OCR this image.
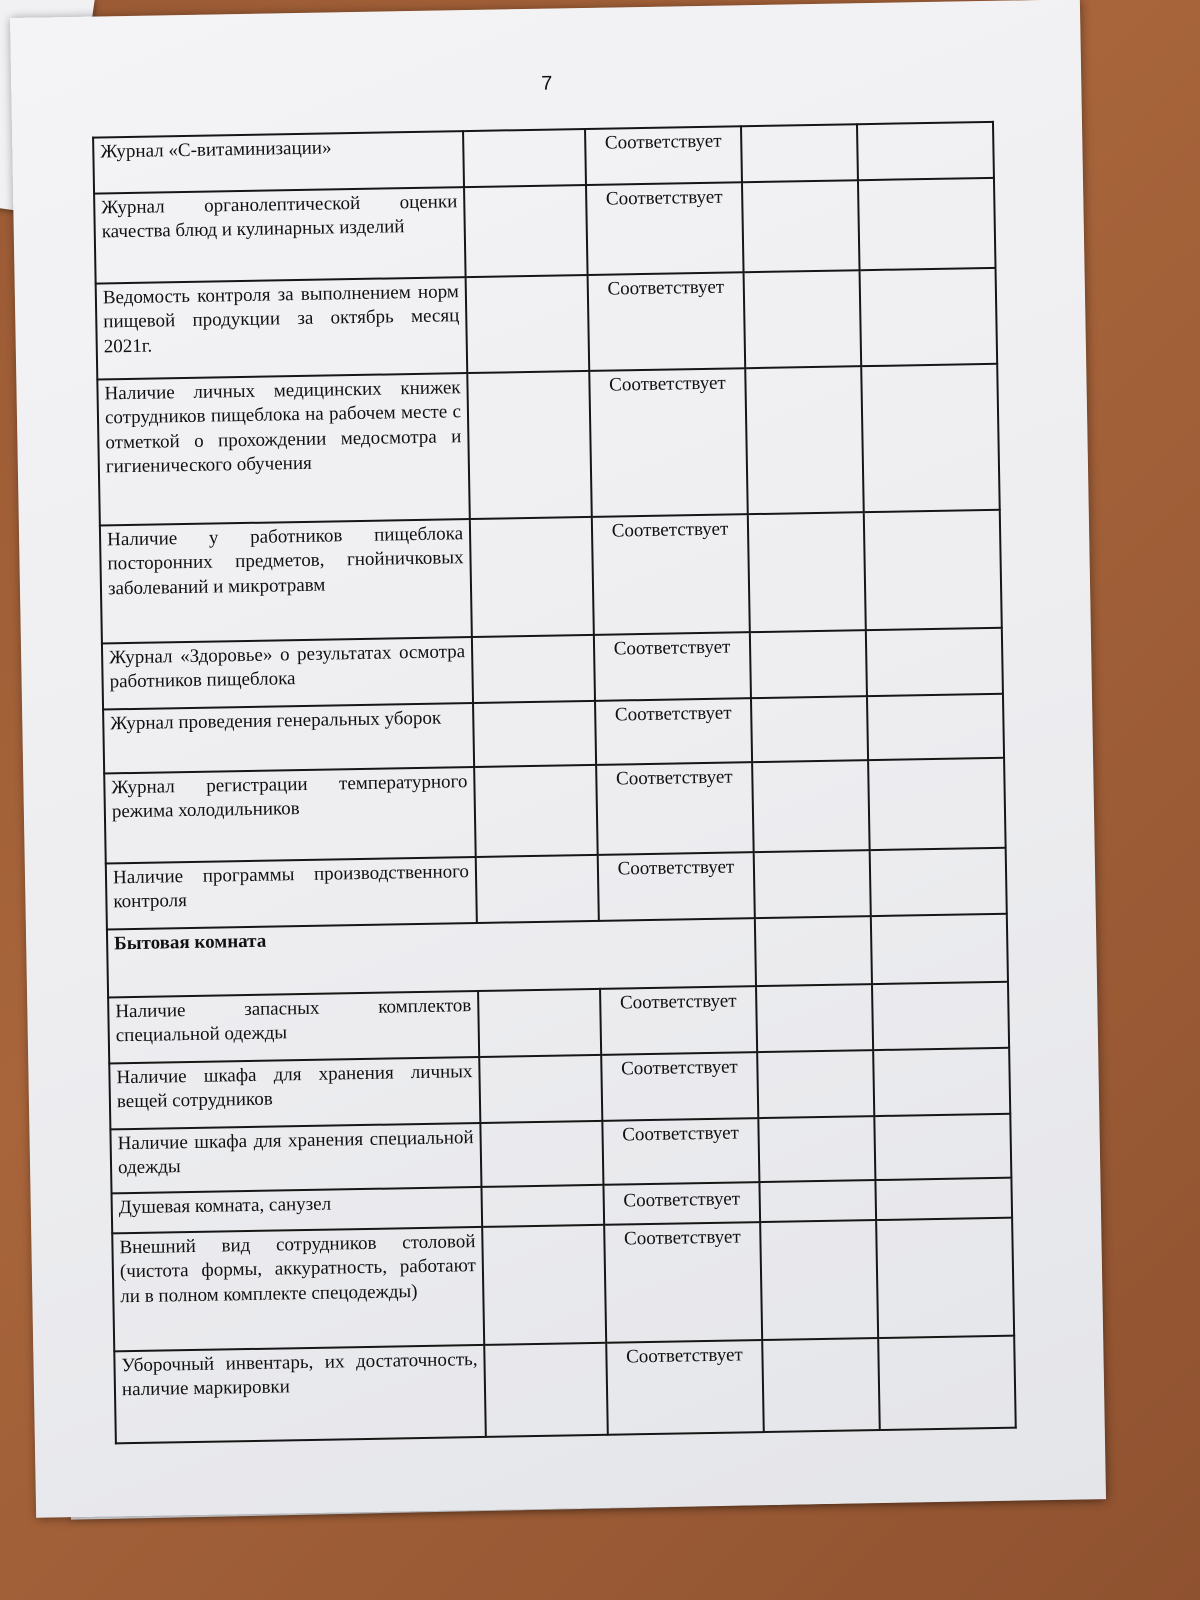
7
Журнал «С-витаминизации»		Соответствует		
Журнал органолептической оценки качества блюд и кулинарных изделий		Соответствует		
Ведомость контроля за выполнением норм пищевой продукции за октябрь месяц 2021г.		Соответствует		
Наличие личных медицинских книжек сотрудников пищеблока на рабочем месте с отметкой о прохождении медосмотра и гигиенического обучения		Соответствует		
Наличие у работников пищеблока посторонних предметов, гнойничковых заболеваний и микротравм		Соответствует		
Журнал «Здоровье» о результатах осмотра работников пищеблока		Соответствует		
Журнал проведения генеральных уборок		Соответствует		
Журнал регистрации температурного режима холодильников		Соответствует		
Наличие программы производственного контроля		Соответствует		
Бытовая комната				
Наличие запасных комплектов специальной одежды		Соответствует		
Наличие шкафа для хранения личных вещей сотрудников		Соответствует		
Наличие шкафа для хранения специальной одежды		Соответствует		
Душевая комната, санузел		Соответствует		
Внешний вид сотрудников столовой (чистота формы, аккуратность, работают ли в полном комплекте спецодежды)		Соответствует		
Уборочный инвентарь, их достаточность, наличие маркировки		Соответствует		
